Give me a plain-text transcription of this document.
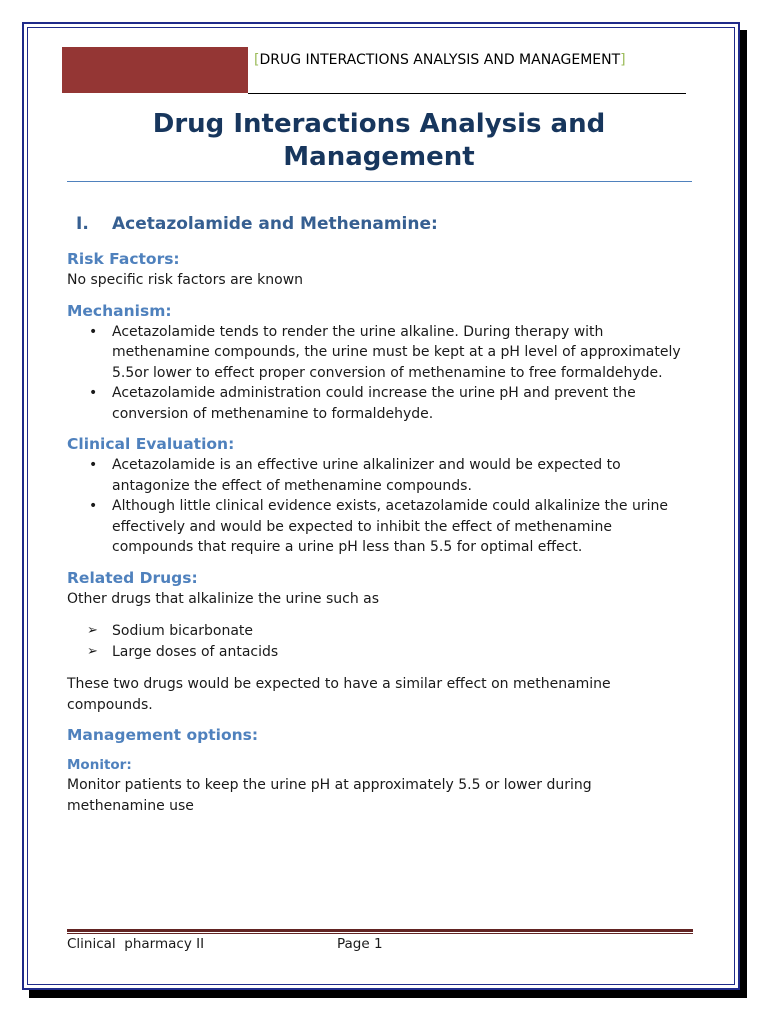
[DRUG INTERACTIONS ANALYSIS AND MANAGEMENT]
Drug Interactions Analysis and Management
I. Acetazolamide and Methenamine:
Risk Factors:

No specific risk factors are known

Mechanism:
• Acetazolamide tends to render the urine alkaline. During therapy with methenamine compounds, the urine must be kept at a pH level of approximately 5.5or lower to effect proper conversion of methenamine to free formaldehyde.
• Acetazolamide administration could increase the urine pH and prevent the conversion of methenamine to formaldehyde.
Clinical Evaluation:
• Acetazolamide is an effective urine alkalinizer and would be expected to antagonize the effect of methenamine compounds.
• Although little clinical evidence exists, acetazolamide could alkalinize the urine effectively and would be expected to inhibit the effect of methenamine compounds that require a urine pH less than 5.5 for optimal effect.
Related Drugs:

Other drugs that alkalinize the urine such as

➢ Sodium bicarbonate
➢ Large doses of antacids

These two drugs would be expected to have a similar effect on methenamine compounds.

Management options:
Monitor:

Monitor patients to keep the urine pH at approximately 5.5 or lower during methenamine use

Clinical  pharmacy II	Page 1
